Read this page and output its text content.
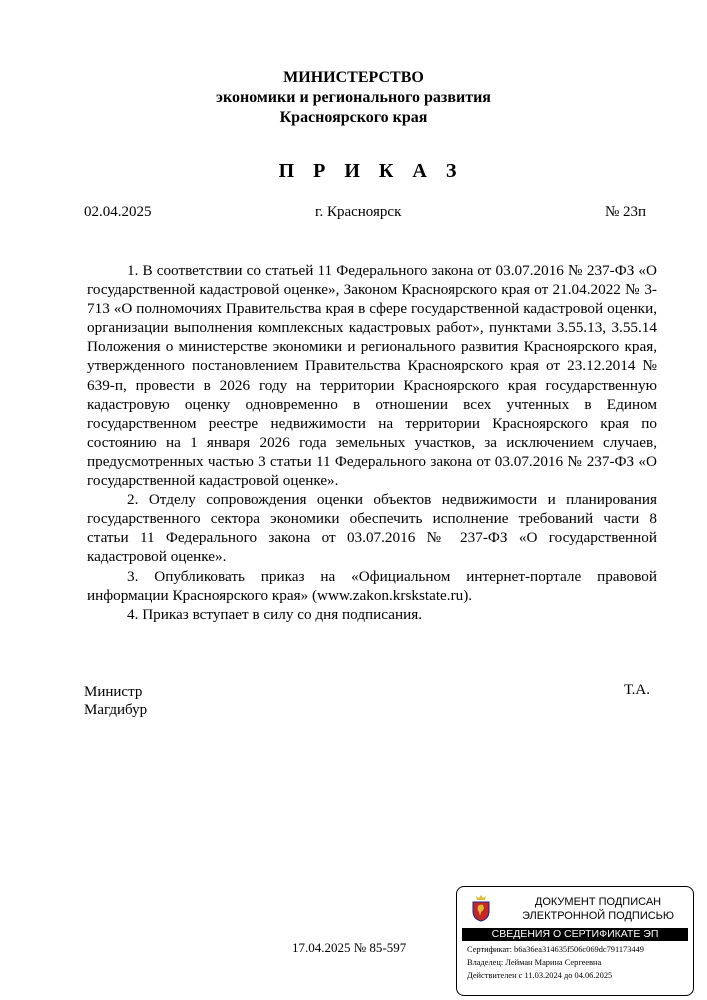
МИНИСТЕРСТВО
экономики и регионального развития
Красноярского края
П Р И К А З
02.04.2025	г. Красноярск	№ 23п

1. В соответствии со статьей 11 Федерального закона от 03.07.2016 № 237-ФЗ «О государственной кадастровой оценке», Законом Красноярского края от 21.04.2022 № 3-713 «О полномочиях Правительства края в сфере государственной кадастровой оценки, организации выполнения комплексных кадастровых работ», пунктами 3.55.13, 3.55.14 Положения о министерстве экономики и регионального развития Красноярского края, утвержденного постановлением Правительства Красноярского края от 23.12.2014 № 639-п, провести в 2026 году на территории Красноярского края государственную кадастровую оценку одновременно в отношении всех учтенных в Едином государственном реестре недвижимости на территории Красноярского края по состоянию на 1 января 2026 года земельных участков, за исключением случаев, предусмотренных частью 3 статьи 11 Федерального закона от 03.07.2016 № 237-ФЗ «О государственной кадастровой оценке».

2. Отделу сопровождения оценки объектов недвижимости и планирования государственного сектора экономики обеспечить исполнение требований части 8 статьи 11 Федерального закона от 03.07.2016 № 237-ФЗ «О государственной кадастровой оценке».

3. Опубликовать приказ на «Официальном интернет-портале правовой информации Красноярского края» (www.zakon.krskstate.ru).

4. Приказ вступает в силу со дня подписания.

Министр	Т.А.
Магдибур
17.04.2025 № 85-597
ДОКУМЕНТ ПОДПИСАН
ЭЛЕКТРОННОЙ ПОДПИСЬЮ
СВЕДЕНИЯ О СЕРТИФИКАТЕ ЭП
Сертификат: b6a36ea314635f506c069dc791173449
Владелец: Лейман Марина Сергеевна
Действителен с 11.03.2024 до 04.06.2025
